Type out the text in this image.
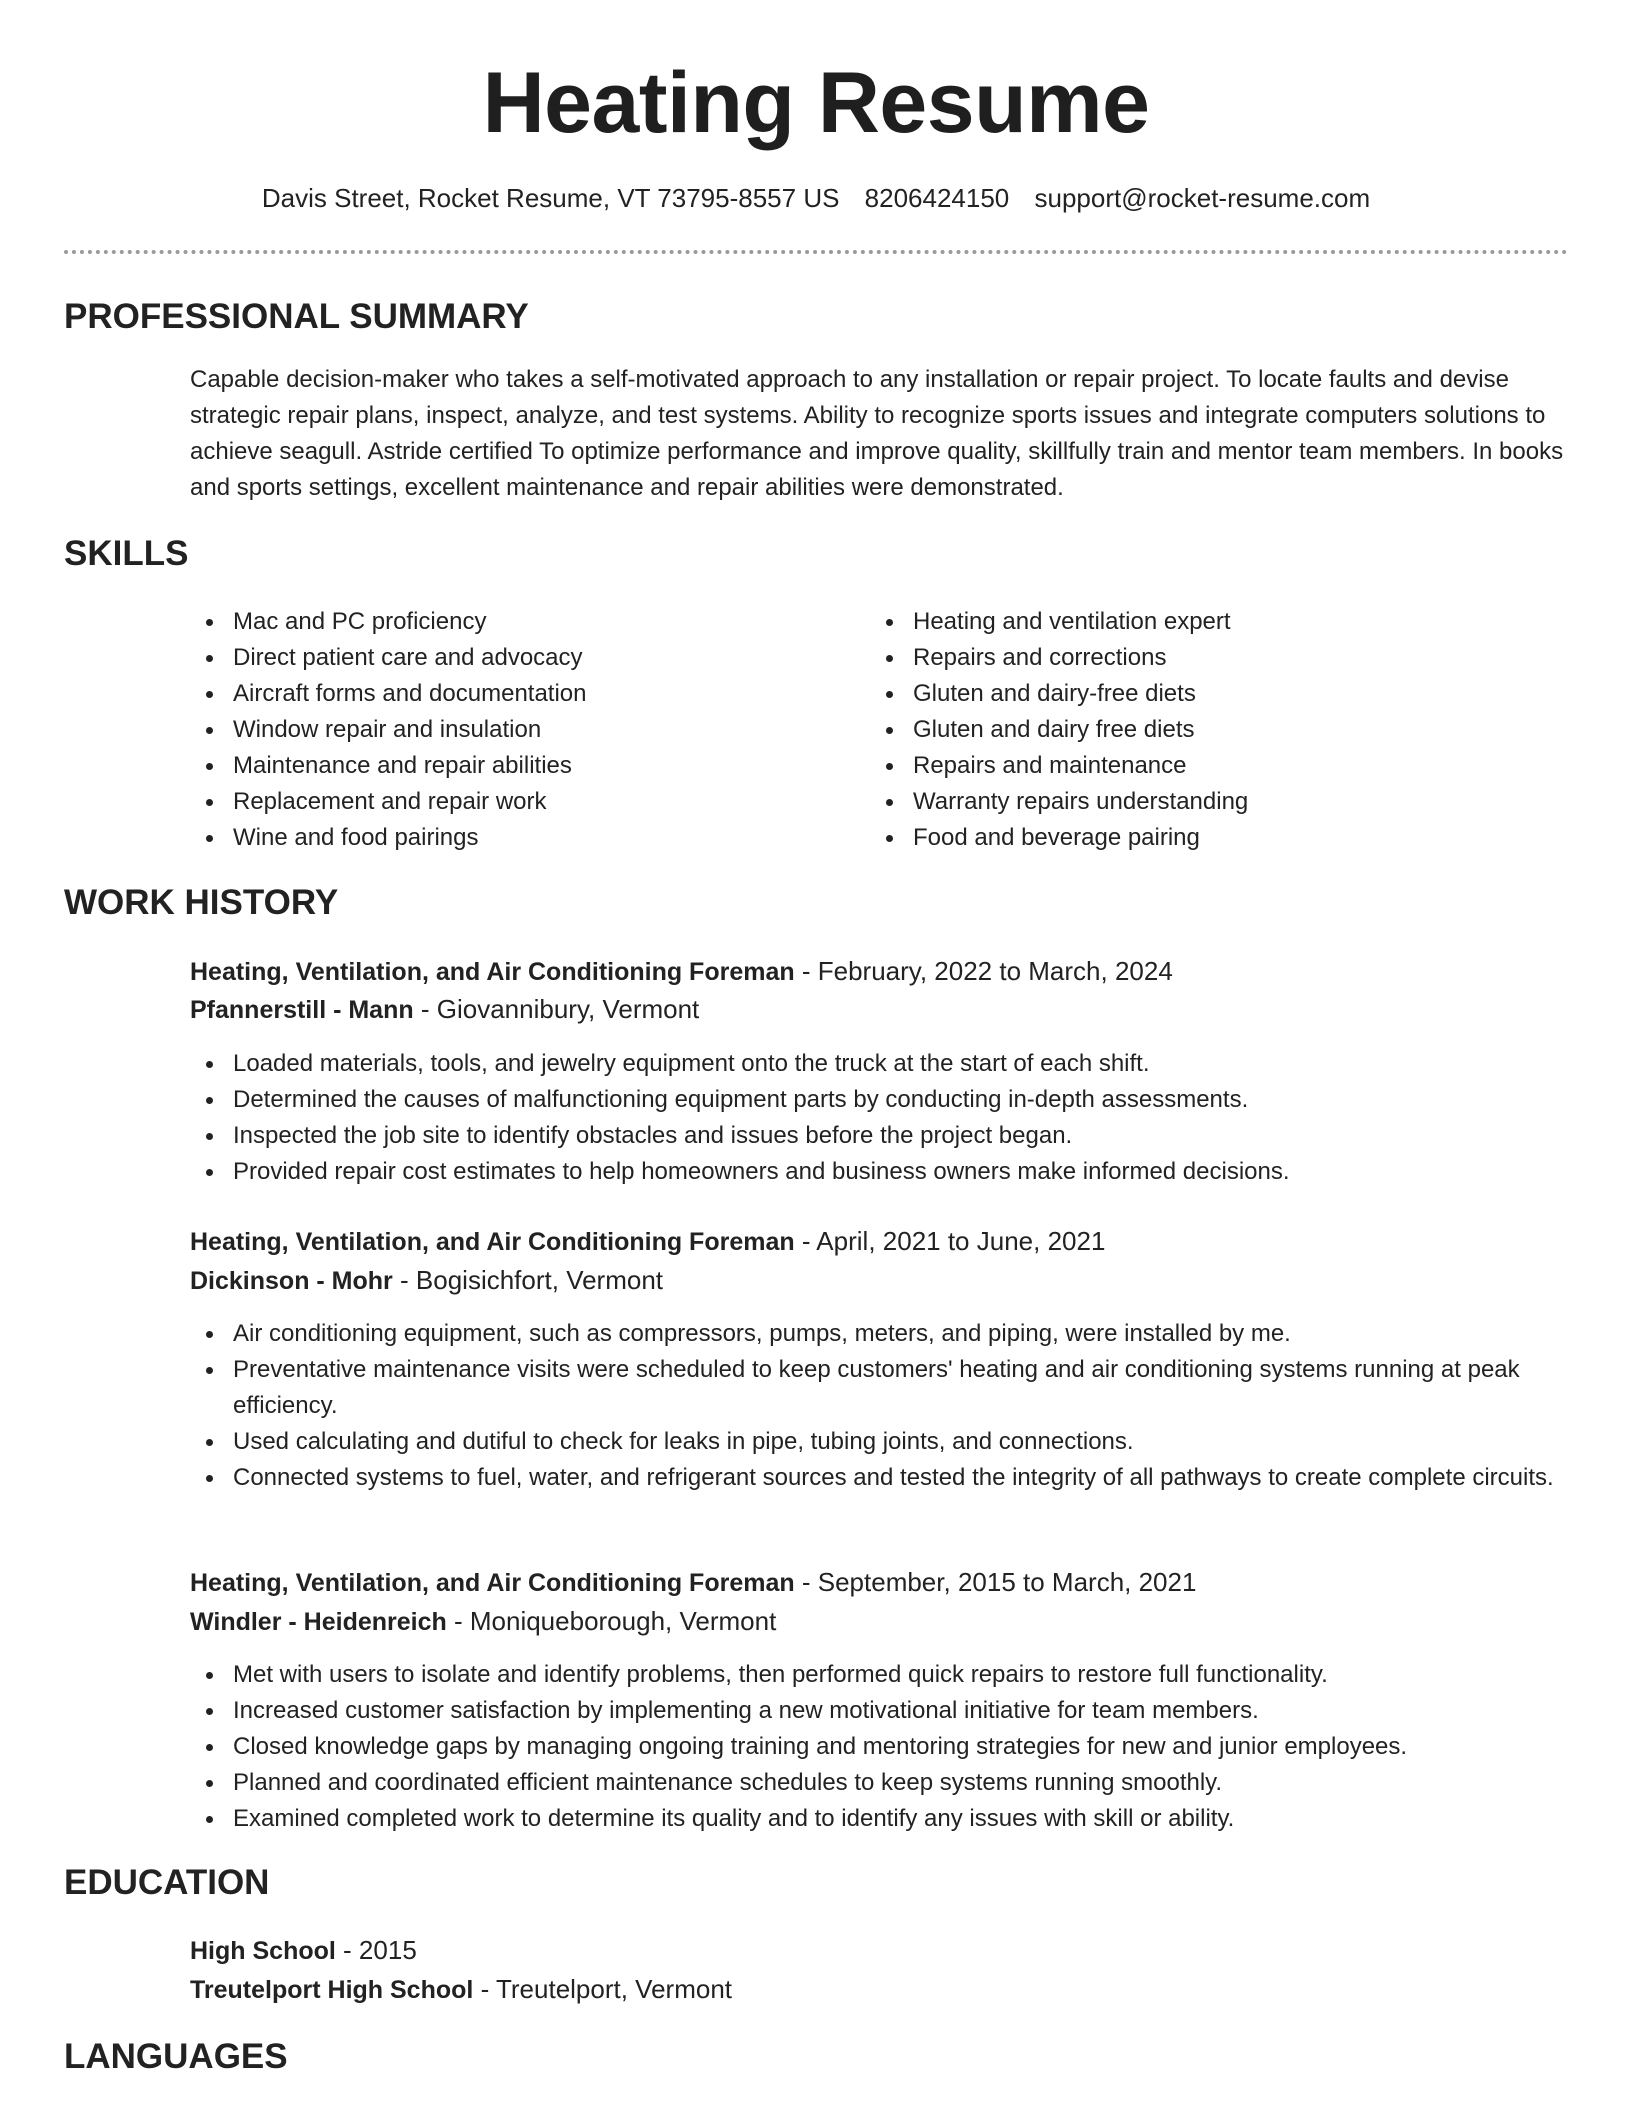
Heating Resume
Davis Street, Rocket Resume, VT 73795-8557 US 8206424150 support@rocket-resume.com
PROFESSIONAL SUMMARY

Capable decision-maker who takes a self-motivated approach to any installation or repair project. To locate faults and devise strategic repair plans, inspect, analyze, and test systems. Ability to recognize sports issues and integrate computers solutions to achieve seagull. Astride certified To optimize performance and improve quality, skillfully train and mentor team members. In books and sports settings, excellent maintenance and repair abilities were demonstrated.

SKILLS
Mac and PC proficiency
Direct patient care and advocacy
Aircraft forms and documentation
Window repair and insulation
Maintenance and repair abilities
Replacement and repair work
Wine and food pairings
Heating and ventilation expert
Repairs and corrections
Gluten and dairy-free diets
Gluten and dairy free diets
Repairs and maintenance
Warranty repairs understanding
Food and beverage pairing
WORK HISTORY
Heating, Ventilation, and Air Conditioning Foreman - February, 2022 to March, 2024
Pfannerstill - Mann - Giovannibury, Vermont
Loaded materials, tools, and jewelry equipment onto the truck at the start of each shift.
Determined the causes of malfunctioning equipment parts by conducting in-depth assessments.
Inspected the job site to identify obstacles and issues before the project began.
Provided repair cost estimates to help homeowners and business owners make informed decisions.
Heating, Ventilation, and Air Conditioning Foreman - April, 2021 to June, 2021
Dickinson - Mohr - Bogisichfort, Vermont
Air conditioning equipment, such as compressors, pumps, meters, and piping, were installed by me.
Preventative maintenance visits were scheduled to keep customers' heating and air conditioning systems running at peak efficiency.
Used calculating and dutiful to check for leaks in pipe, tubing joints, and connections.
Connected systems to fuel, water, and refrigerant sources and tested the integrity of all pathways to create complete circuits.
Heating, Ventilation, and Air Conditioning Foreman - September, 2015 to March, 2021
Windler - Heidenreich - Moniqueborough, Vermont
Met with users to isolate and identify problems, then performed quick repairs to restore full functionality.
Increased customer satisfaction by implementing a new motivational initiative for team members.
Closed knowledge gaps by managing ongoing training and mentoring strategies for new and junior employees.
Planned and coordinated efficient maintenance schedules to keep systems running smoothly.
Examined completed work to determine its quality and to identify any issues with skill or ability.
EDUCATION
High School - 2015
Treutelport High School - Treutelport, Vermont
LANGUAGES
